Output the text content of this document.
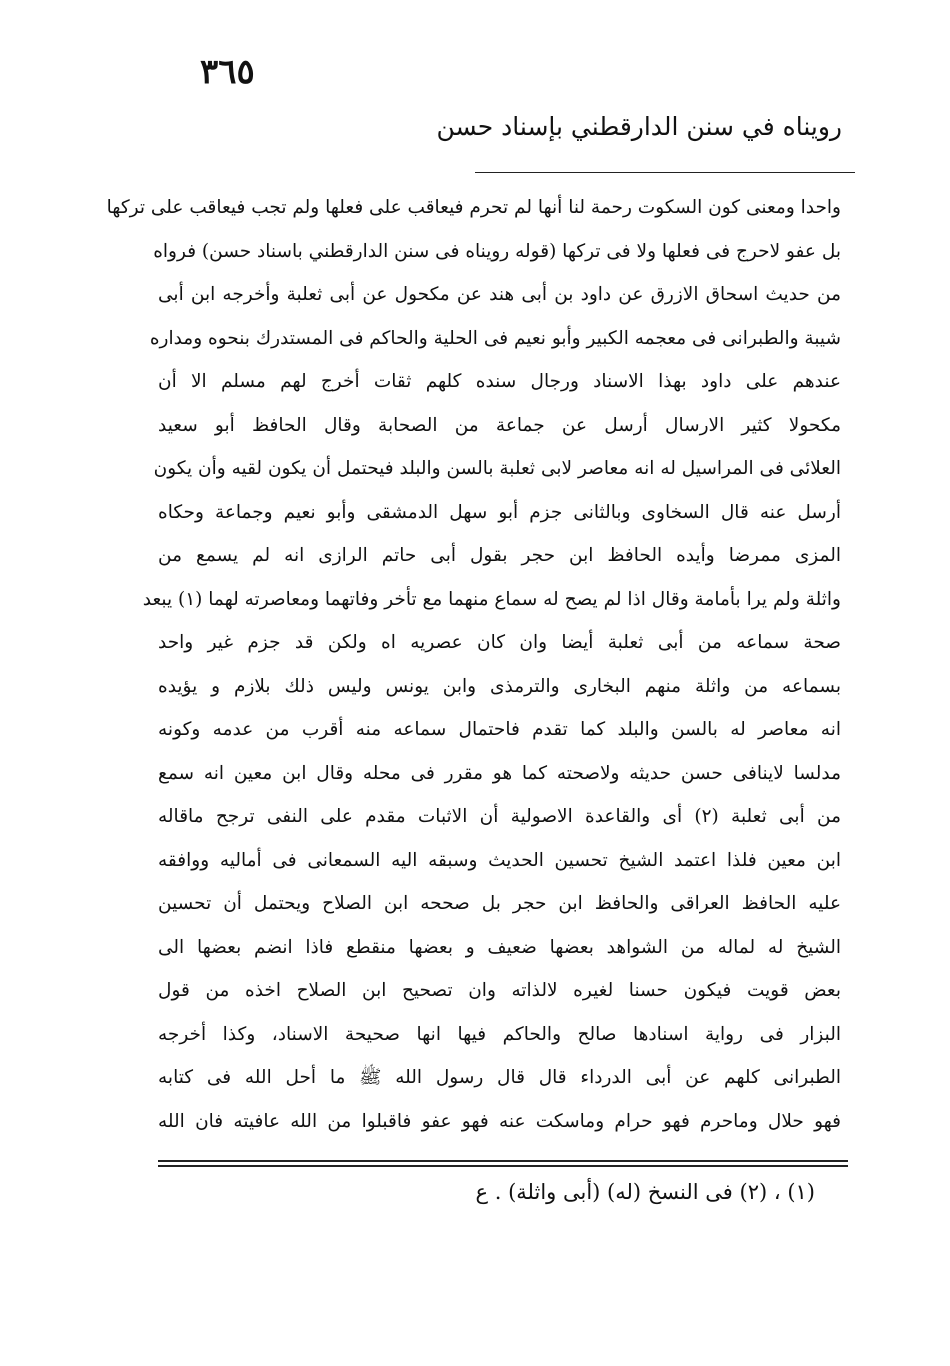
٣٦٥
رويناه في سنن الدارقطني بإسناد حسن
واحدا ومعنى كون السكوت رحمة لنا أنها لم تحرم فيعاقب على فعلها ولم تجب فيعاقب على تركها
بل عفو لاحرج فى فعلها ولا فى تركها (قوله رويناه فى سنن الدارقطني باسناد حسن) فرواه
من حديث اسحاق الازرق عن داود بن أبى هند عن مكحول عن أبى ثعلبة وأخرجه ابن أبى
شيبة والطبرانى فى معجمه الكبير وأبو نعيم فى الحلية والحاكم فى المستدرك بنحوه ومداره
عندهم على داود بهذا الاسناد ورجال سنده كلهم ثقات أخرج لهم مسلم الا أن
مكحولا كثير الارسال أرسل عن جماعة من الصحابة وقال الحافظ أبو سعيد
العلائى فى المراسيل له انه معاصر لابى ثعلبة بالسن والبلد فيحتمل أن يكون لقيه وأن يكون
أرسل عنه قال السخاوى وبالثانى جزم أبو سهل الدمشقى وأبو نعيم وجماعة وحكاه
المزى ممرضا وأيده الحافظ ابن حجر بقول أبى حاتم الرازى انه لم يسمع من
واثلة ولم يرا بأمامة وقال اذا لم يصح له سماع منهما مع تأخر وفاتهما ومعاصرته لهما (١) يبعد
صحة سماعه من أبى ثعلبة أيضا وان كان عصريه اه ولكن قد جزم غير واحد
بسماعه من واثلة منهم البخارى والترمذى وابن يونس وليس ذلك بلازم و يؤيده
انه معاصر له بالسن والبلد كما تقدم فاحتمال سماعه منه أقرب من عدمه وكونه
مدلسا لاينافى حسن حديثه ولاصحته كما هو مقرر فى محله وقال ابن معين انه سمع
من أبى ثعلبة (٢) أى والقاعدة الاصولية أن الاثبات مقدم على النفى ترجح ماقاله
ابن معين فلذا اعتمد الشيخ تحسين الحديث وسبقه اليه السمعانى فى أماليه ووافقه
عليه الحافظ العراقى والحافظ ابن حجر بل صححه ابن الصلاح ويحتمل أن تحسين
الشيخ له لماله من الشواهد بعضها ضعيف و بعضها منقطع فاذا انضم بعضها الى
بعض قويت فيكون حسنا لغيره لالذاته وان تصحيح ابن الصلاح اخذه من قول
البزار فى رواية اسنادها صالح والحاكم فيها انها صحيحة الاسناد، وكذا أخرجه
الطبرانى كلهم عن أبى الدرداء قال قال رسول الله ﷺ ما أحل الله فى كتابه
فهو حلال وماحرم فهو حرام وماسكت عنه فهو عفو فاقبلوا من الله عافيته فان الله
(١) ، (٢) فى النسخ (له) (أبى واثلة) . ع
